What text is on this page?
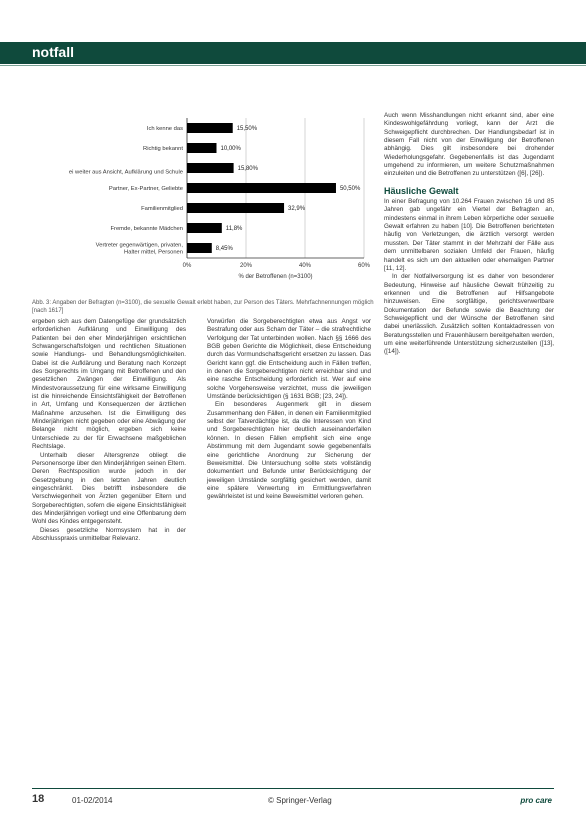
notfall
0%	20%	40%	60%
Ich kenne das	15,50%
Richtig bekannt	10,00%
ei weiter aus Ansicht, Aufklärung und Schule
15,80%
Partner, Ex-Partner, Geliebte	50,50%
Familienmitglied	32,9%
Fremde, bekannte Mädchen	11,8%
Vertreter gegenwärtigen, privaten,
Halter mittel, Personen
8,45%
% der Betroffenen (n=3100)
Abb. 3: Angaben der Befragten (n=3100), die sexuelle Gewalt erlebt haben, zur Person des Täters. Mehrfachnennungen möglich [nach 1617]

ergeben sich aus dem Datengefüge der grundsätzlich erforderlichen Aufklärung und Einwilligung des Patienten bei den eher Minderjährigen ersichtlichen Schwangerschaftsfolgen und rechtlichen Situationen sowie Handlungs- und Behandlungsmöglichkeiten. Dabei ist die Aufklärung und Beratung nach Konzept des Sorgerechts im Umgang mit Betroffenen und den gesetzlichen Zwängen der Einwilligung. Als Mindestvoraussetzung für eine wirksame Einwilligung ist die hinreichende Einsichtsfähigkeit der Betroffenen in Art, Umfang und Konsequenzen der ärztlichen Maßnahme anzusehen. Ist die Einwilligung des Minderjährigen nicht gegeben oder eine Abwägung der Belange nicht möglich, ergeben sich keine Unterschiede zu der für Erwachsene maßgeblichen Rechtslage.

Unterhalb dieser Altersgrenze obliegt die Personensorge über den Minderjährigen seinen Eltern. Deren Rechtsposition wurde jedoch in der Gesetzgebung in den letzten Jahren deutlich eingeschränkt. Dies betrifft insbesondere die Verschwiegenheit von Ärzten gegenüber Eltern und Sorgeberechtigten, sofern die eigene Einsichtsfähigkeit des Minderjährigen vorliegt und eine Offenbarung dem Wohl des Kindes entgegensteht.

Dieses gesetzliche Normsystem hat in der Abschlusspraxis unmittelbar Relevanz.

Vorwürfen die Sorgeberechtigten etwa aus Angst vor Bestrafung oder aus Scham der Täter – die strafrechtliche Verfolgung der Tat unterbinden wollen. Nach §§ 1666 des BGB geben Gerichte die Möglichkeit, diese Entscheidung durch das Vormundschaftsgericht ersetzen zu lassen. Das Gericht kann ggf. die Entscheidung auch in Fällen treffen, in denen die Sorgeberechtigten nicht erreichbar sind und eine rasche Entscheidung erforderlich ist. Wer auf eine solche Vorgehensweise verzichtet, muss die jeweiligen Umstände berücksichtigen (§ 1631 BGB; [23, 24]).

Ein besonderes Augenmerk gilt in diesem Zusammenhang den Fällen, in denen ein Familienmitglied selbst der Tatverdächtige ist, da die Interessen von Kind und Sorgeberechtigten hier deutlich auseinanderfallen können. In diesen Fällen empfiehlt sich eine enge Abstimmung mit dem Jugendamt sowie gegebenenfalls eine gerichtliche Anordnung zur Sicherung der Beweismittel. Die Untersuchung sollte stets vollständig dokumentiert und Befunde unter Berücksichtigung der jeweiligen Umstände sorgfältig gesichert werden, damit eine spätere Verwertung im Ermittlungsverfahren gewährleistet ist und keine Beweismittel verloren gehen.

Auch wenn Misshandlungen nicht erkannt sind, aber eine Kindeswohlgefährdung vorliegt, kann der Arzt die Schweigepflicht durchbrechen. Der Handlungsbedarf ist in diesem Fall nicht von der Einwilligung der Betroffenen abhängig. Dies gilt insbesondere bei drohender Wiederholungsgefahr. Gegebenenfalls ist das Jugendamt umgehend zu informieren, um weitere Schutzmaßnahmen einzuleiten und die Betroffenen zu unterstützen ([6], [26]).

Häusliche Gewalt

In einer Befragung von 10.264 Frauen zwischen 16 und 85 Jahren gab ungefähr ein Viertel der Befragten an, mindestens einmal in ihrem Leben körperliche oder sexuelle Gewalt erfahren zu haben [10]. Die Betroffenen berichteten häufig von Verletzungen, die ärztlich versorgt werden mussten. Der Täter stammt in der Mehrzahl der Fälle aus dem unmittelbaren sozialen Umfeld der Frauen, häufig handelt es sich um den aktuellen oder ehemaligen Partner [11, 12].

In der Notfallversorgung ist es daher von besonderer Bedeutung, Hinweise auf häusliche Gewalt frühzeitig zu erkennen und die Betroffenen auf Hilfsangebote hinzuweisen. Eine sorgfältige, gerichtsverwertbare Dokumentation der Befunde sowie die Beachtung der Schweigepflicht und der Wünsche der Betroffenen sind dabei unerlässlich. Zusätzlich sollten Kontaktadressen von Beratungsstellen und Frauenhäusern bereitgehalten werden, um eine weiterführende Unterstützung sicherzustellen ([13], ([14]).

18	01-02/2014	© Springer-Verlag	pro care
